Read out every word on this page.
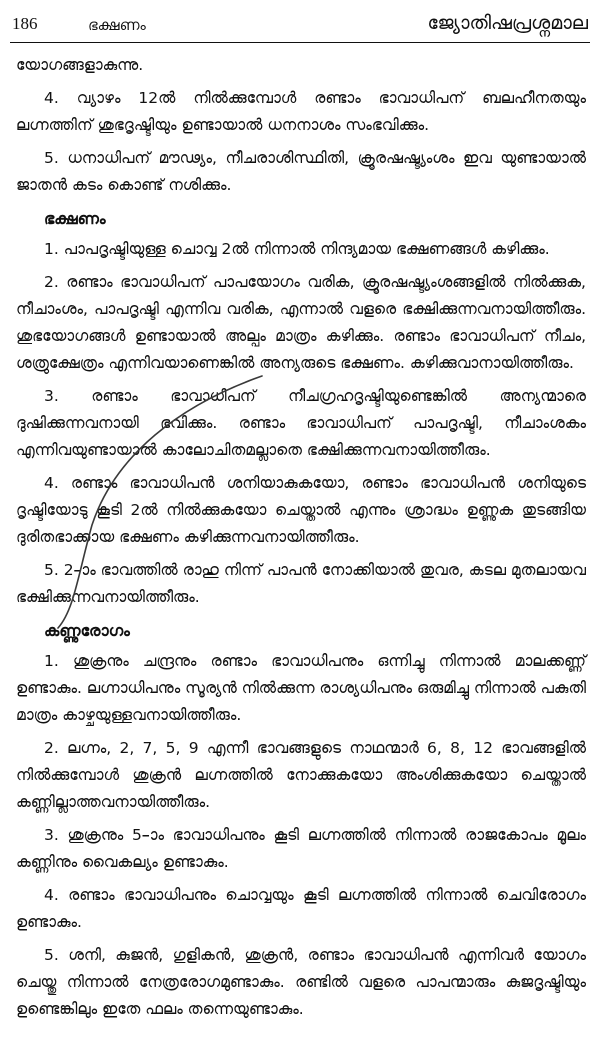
186	ഭക്ഷണം	ജ്യോതിഷപ്രശ്നമാല

യോഗങ്ങളാകുന്നു.

4. വ്യാഴം 12ൽ നിൽക്കുമ്പോൾ രണ്ടാം ഭാവാധിപന് ബലഹീനതയും ലഗ്നത്തിന് ശുഭദൃഷ്ടിയും ഉണ്ടായാൽ ധനനാശം സംഭവിക്കും.

5. ധനാധിപന് മൗഢ്യം, നീചരാശിസ്ഥിതി, ക്രൂരഷഷ്ട്യംശം ഇവ യുണ്ടായാൽ ജാതൻ കടം കൊണ്ട് നശിക്കും.

ഭക്ഷണം

1. പാപദൃഷ്ടിയുള്ള ചൊവ്വ 2ൽ നിന്നാൽ നിന്ദ്യമായ ഭക്ഷണങ്ങൾ കഴിക്കും.

2. രണ്ടാം ഭാവാധിപന് പാപയോഗം വരിക, ക്രൂരഷഷ്ട്യംശങ്ങളിൽ നിൽക്കുക, നീചാംശം, പാപദൃഷ്ടി എന്നിവ വരിക, എന്നാൽ വളരെ ഭക്ഷിക്കുന്നവനായിത്തീരും. ശുഭയോഗങ്ങൾ ഉണ്ടായാൽ അല്പം മാത്രം കഴിക്കും. രണ്ടാം ഭാവാധിപന് നീചം, ശത്രുക്ഷേത്രം എന്നിവയാണെങ്കിൽ അന്യരുടെ ഭക്ഷണം. കഴിക്കുവാനായിത്തീരും.

3. രണ്ടാം ഭാവാധിപന് നീചഗ്രഹദൃഷ്ടിയുണ്ടെങ്കിൽ അന്യന്മാരെ ദുഷിക്കുന്നവനായി ഭവിക്കും. രണ്ടാം ഭാവാധിപന് പാപദൃഷ്ടി, നീചാംശകം എന്നിവയുണ്ടായാൽ കാലോചിതമല്ലാതെ ഭക്ഷിക്കുന്നവനായിത്തീരും.

4. രണ്ടാം ഭാവാധിപൻ ശനിയാകുകയോ, രണ്ടാം ഭാവാധിപൻ ശനിയുടെ ദൃഷ്ടിയോടു കൂടി 2ൽ നിൽക്കുകയോ ചെയ്താൽ എന്നും ശ്രാദ്ധം ഉണ്ണുക തുടങ്ങിയ ദുരിതഭാക്കായ ഭക്ഷണം കഴിക്കുന്നവനായിത്തീരും.

5. 2–ാം ഭാവത്തിൽ രാഹു നിന്ന് പാപൻ നോക്കിയാൽ തുവര, കടല മുതലായവ ഭക്ഷിക്കുന്നവനായിത്തീരും.

കണ്ണുരോഗം

1. ശുക്രനും ചന്ദ്രനും രണ്ടാം ഭാവാധിപനും ഒന്നിച്ചു നിന്നാൽ മാലക്കണ്ണ് ഉണ്ടാകും. ലഗ്നാധിപനും സൂര്യൻ നിൽക്കുന്ന രാശ്യധിപനും ഒരുമിച്ചു നിന്നാൽ പകുതി മാത്രം കാഴ്ചയുള്ളവനായിത്തീരും.

2. ലഗ്നം, 2, 7, 5, 9 എന്നീ ഭാവങ്ങളുടെ നാഥന്മാർ 6, 8, 12 ഭാവങ്ങളിൽ നിൽക്കുമ്പോൾ ശുക്രൻ ലഗ്നത്തിൽ നോക്കുകയോ അംശിക്കുകയോ ചെയ്താൽ കണ്ണില്ലാത്തവനായിത്തീരും.

3. ശുക്രനും 5–ാം ഭാവാധിപനും കൂടി ലഗ്നത്തിൽ നിന്നാൽ രാജകോപം മൂലം കണ്ണിനും വൈകല്യം ഉണ്ടാകും.

4. രണ്ടാം ഭാവാധിപനും ചൊവ്വയും കൂടി ലഗ്നത്തിൽ നിന്നാൽ ചെവിരോഗം ഉണ്ടാകും.

5. ശനി, കുജൻ, ഗുളികൻ, ശുക്രൻ, രണ്ടാം ഭാവാധിപൻ എന്നിവർ യോഗം ചെയ്തു നിന്നാൽ നേത്രരോഗമുണ്ടാകും. രണ്ടിൽ വളരെ പാപന്മാരും കുജദൃഷ്ടിയും ഉണ്ടെങ്കിലും ഇതേ ഫലം തന്നെയുണ്ടാകും.
